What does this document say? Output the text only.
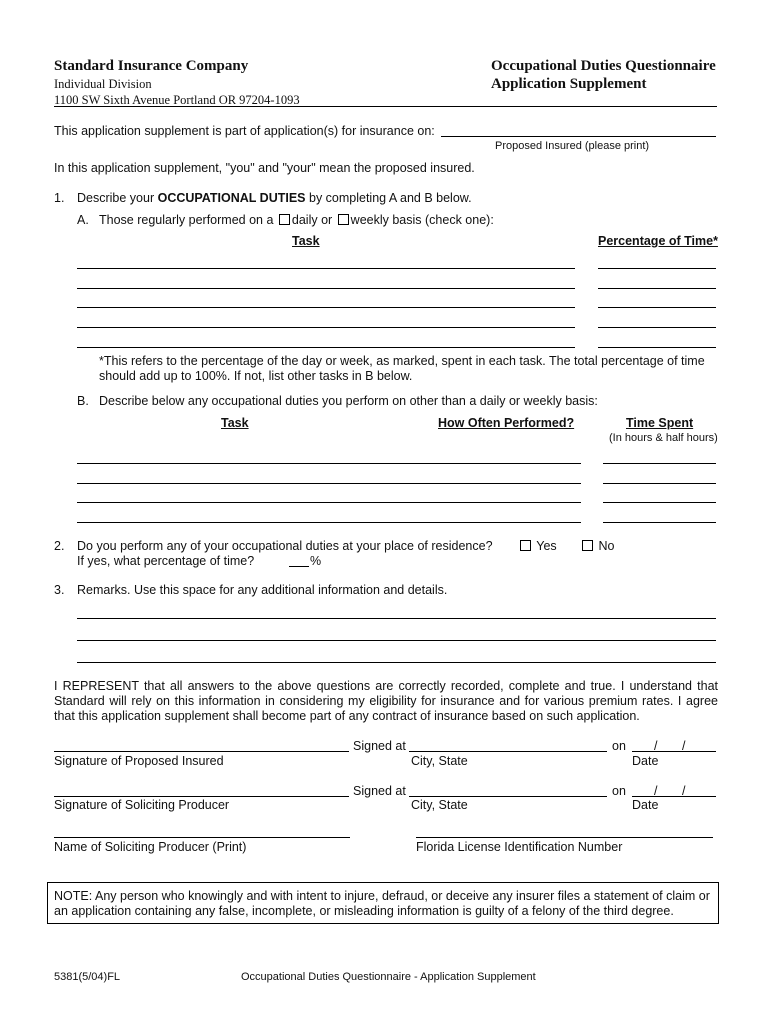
Standard Insurance Company
Individual Division
1100 SW Sixth Avenue Portland OR 97204-1093
Occupational Duties Questionnaire
Application Supplement
This application supplement is part of application(s) for insurance on:
Proposed Insured (please print)
In this application supplement, "you" and "your" mean the proposed insured.
1. Describe your OCCUPATIONAL DUTIES by completing A and B below.
A. Those regularly performed on a daily or weekly basis (check one):
Task	Percentage of Time*
*This refers to the percentage of the day or week, as marked, spent in each task. The total percentage of time
should add up to 100%. If not, list other tasks in B below.
B. Describe below any occupational duties you perform on other than a daily or weekly basis:
Task	How Often Performed?	Time Spent
(In hours & half hours)
2. Do you perform any of your occupational duties at your place of residence?	Yes	No
If yes, what percentage of time?	%
3. Remarks. Use this space for any additional information and details.
I REPRESENT that all answers to the above questions are correctly recorded, complete and true. I understand that Standard will rely on this information in considering my eligibility for insurance and for various premium rates. I agree that this application supplement shall become part of any contract of insurance based on such application.
Signed at	on / /
Signature of Proposed Insured	City, State	Date
Signed at	on / /
Signature of Soliciting Producer	City, State	Date
Name of Soliciting Producer (Print)	Florida License Identification Number
NOTE: Any person who knowingly and with intent to injure, defraud, or deceive any insurer files a statement of claim or an application containing any false, incomplete, or misleading information is guilty of a felony of the third degree.
5381(5/04)FL	Occupational Duties Questionnaire - Application Supplement
